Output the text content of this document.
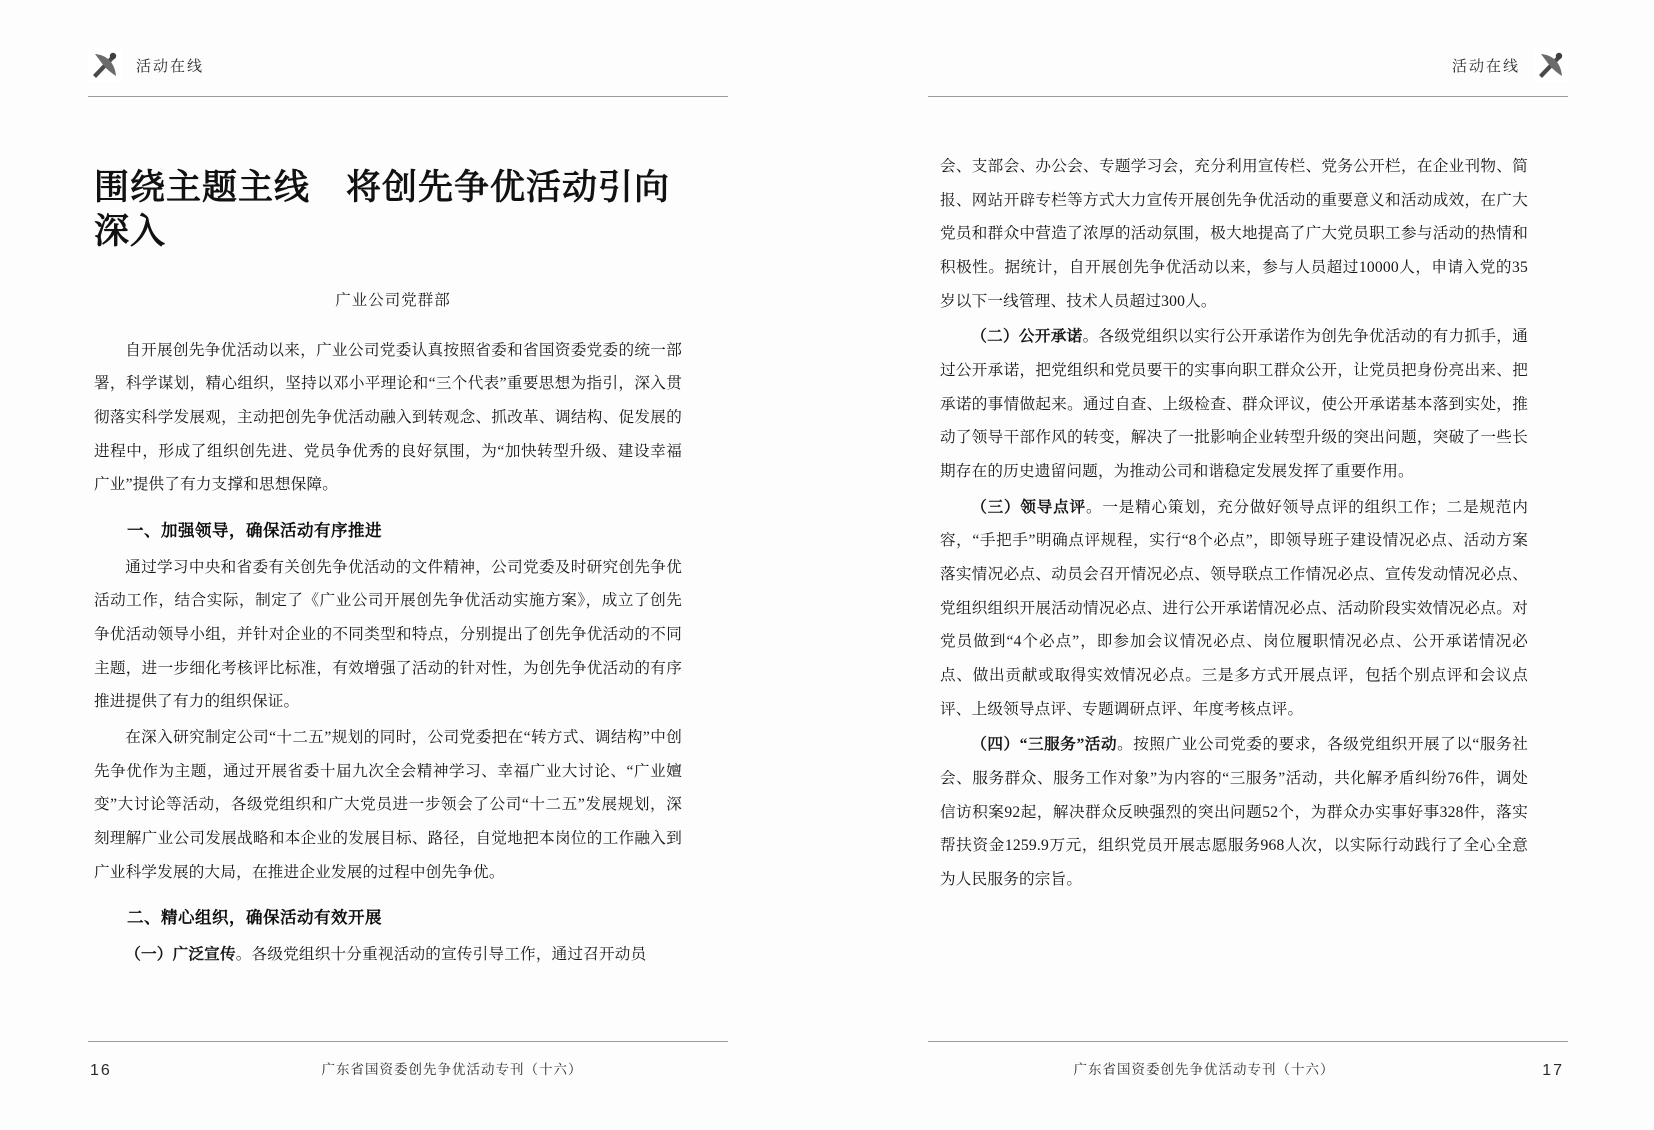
活动在线	活动在线
围绕主题主线　将创先争优活动引向深入
广业公司党群部

自开展创先争优活动以来，广业公司党委认真按照省委和省国资委党委的统一部署，科学谋划，精心组织，坚持以邓小平理论和“三个代表”重要思想为指引，深入贯彻落实科学发展观，主动把创先争优活动融入到转观念、抓改革、调结构、促发展的进程中，形成了组织创先进、党员争优秀的良好氛围，为“加快转型升级、建设幸福广业”提供了有力支撑和思想保障。

一、加强领导，确保活动有序推进

通过学习中央和省委有关创先争优活动的文件精神，公司党委及时研究创先争优活动工作，结合实际，制定了《广业公司开展创先争优活动实施方案》，成立了创先争优活动领导小组，并针对企业的不同类型和特点，分别提出了创先争优活动的不同主题，进一步细化考核评比标准，有效增强了活动的针对性，为创先争优活动的有序推进提供了有力的组织保证。

在深入研究制定公司“十二五”规划的同时，公司党委把在“转方式、调结构”中创先争优作为主题，通过开展省委十届九次全会精神学习、幸福广业大讨论、“广业嬗变”大讨论等活动，各级党组织和广大党员进一步领会了公司“十二五”发展规划，深刻理解广业公司发展战略和本企业的发展目标、路径，自觉地把本岗位的工作融入到广业科学发展的大局，在推进企业发展的过程中创先争优。

二、精心组织，确保活动有效开展

（一）广泛宣传。各级党组织十分重视活动的宣传引导工作，通过召开动员

会、支部会、办公会、专题学习会，充分利用宣传栏、党务公开栏，在企业刊物、简报、网站开辟专栏等方式大力宣传开展创先争优活动的重要意义和活动成效，在广大党员和群众中营造了浓厚的活动氛围，极大地提高了广大党员职工参与活动的热情和积极性。据统计，自开展创先争优活动以来，参与人员超过10000人，申请入党的35岁以下一线管理、技术人员超过300人。

（二）公开承诺。各级党组织以实行公开承诺作为创先争优活动的有力抓手，通过公开承诺，把党组织和党员要干的实事向职工群众公开，让党员把身份亮出来、把承诺的事情做起来。通过自查、上级检查、群众评议，使公开承诺基本落到实处，推动了领导干部作风的转变，解决了一批影响企业转型升级的突出问题，突破了一些长期存在的历史遗留问题，为推动公司和谐稳定发展发挥了重要作用。

（三）领导点评。一是精心策划，充分做好领导点评的组织工作；二是规范内容，“手把手”明确点评规程，实行“8个必点”，即领导班子建设情况必点、活动方案落实情况必点、动员会召开情况必点、领导联点工作情况必点、宣传发动情况必点、党组织组织开展活动情况必点、进行公开承诺情况必点、活动阶段实效情况必点。对党员做到“4个必点”，即参加会议情况必点、岗位履职情况必点、公开承诺情况必点、做出贡献或取得实效情况必点。三是多方式开展点评，包括个别点评和会议点评、上级领导点评、专题调研点评、年度考核点评。

（四）“三服务”活动。按照广业公司党委的要求，各级党组织开展了以“服务社会、服务群众、服务工作对象”为内容的“三服务”活动，共化解矛盾纠纷76件，调处信访积案92起，解决群众反映强烈的突出问题52个，为群众办实事好事328件，落实帮扶资金1259.9万元，组织党员开展志愿服务968人次，以实际行动践行了全心全意为人民服务的宗旨。

16	广东省国资委创先争优活动专刊（十六）	广东省国资委创先争优活动专刊（十六）	17
